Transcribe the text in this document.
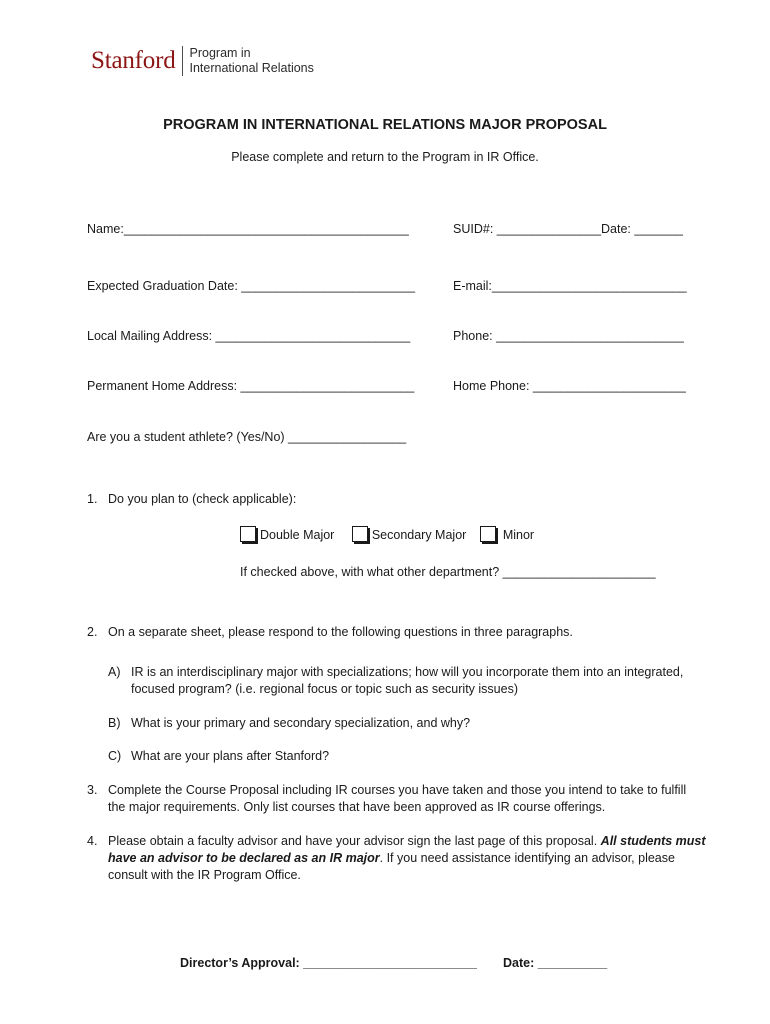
Stanford Program in
International Relations
PROGRAM IN INTERNATIONAL RELATIONS MAJOR PROPOSAL
Please complete and return to the Program in IR Office.
Name:_________________________________________	SUID#: _______________ Date: _______
Expected Graduation Date: _________________________	E-mail:____________________________
Local Mailing Address: ____________________________	Phone: ___________________________
Permanent Home Address: _________________________	Home Phone: ______________________
Are you a student athlete? (Yes/No) _________________
1. Do you plan to (check applicable):
Double Major
	Secondary Major
	Minor
If checked above, with what other department? ______________________
2. On a separate sheet, please respond to the following questions in three paragraphs.
A) IR is an interdisciplinary major with specializations; how will you incorporate them into an integrated,
focused program? (i.e. regional focus or topic such as security issues)
B) What is your primary and secondary specialization, and why?
C) What are your plans after Stanford?
3. Complete the Course Proposal including IR courses you have taken and those you intend to take to fulfill
the major requirements. Only list courses that have been approved as IR course offerings.
4. Please obtain a faculty advisor and have your advisor sign the last page of this proposal. All students must
have an advisor to be declared as an IR major. If you need assistance identifying an advisor, please
consult with the IR Program Office.
Director’s Approval: _________________________ Date: __________
